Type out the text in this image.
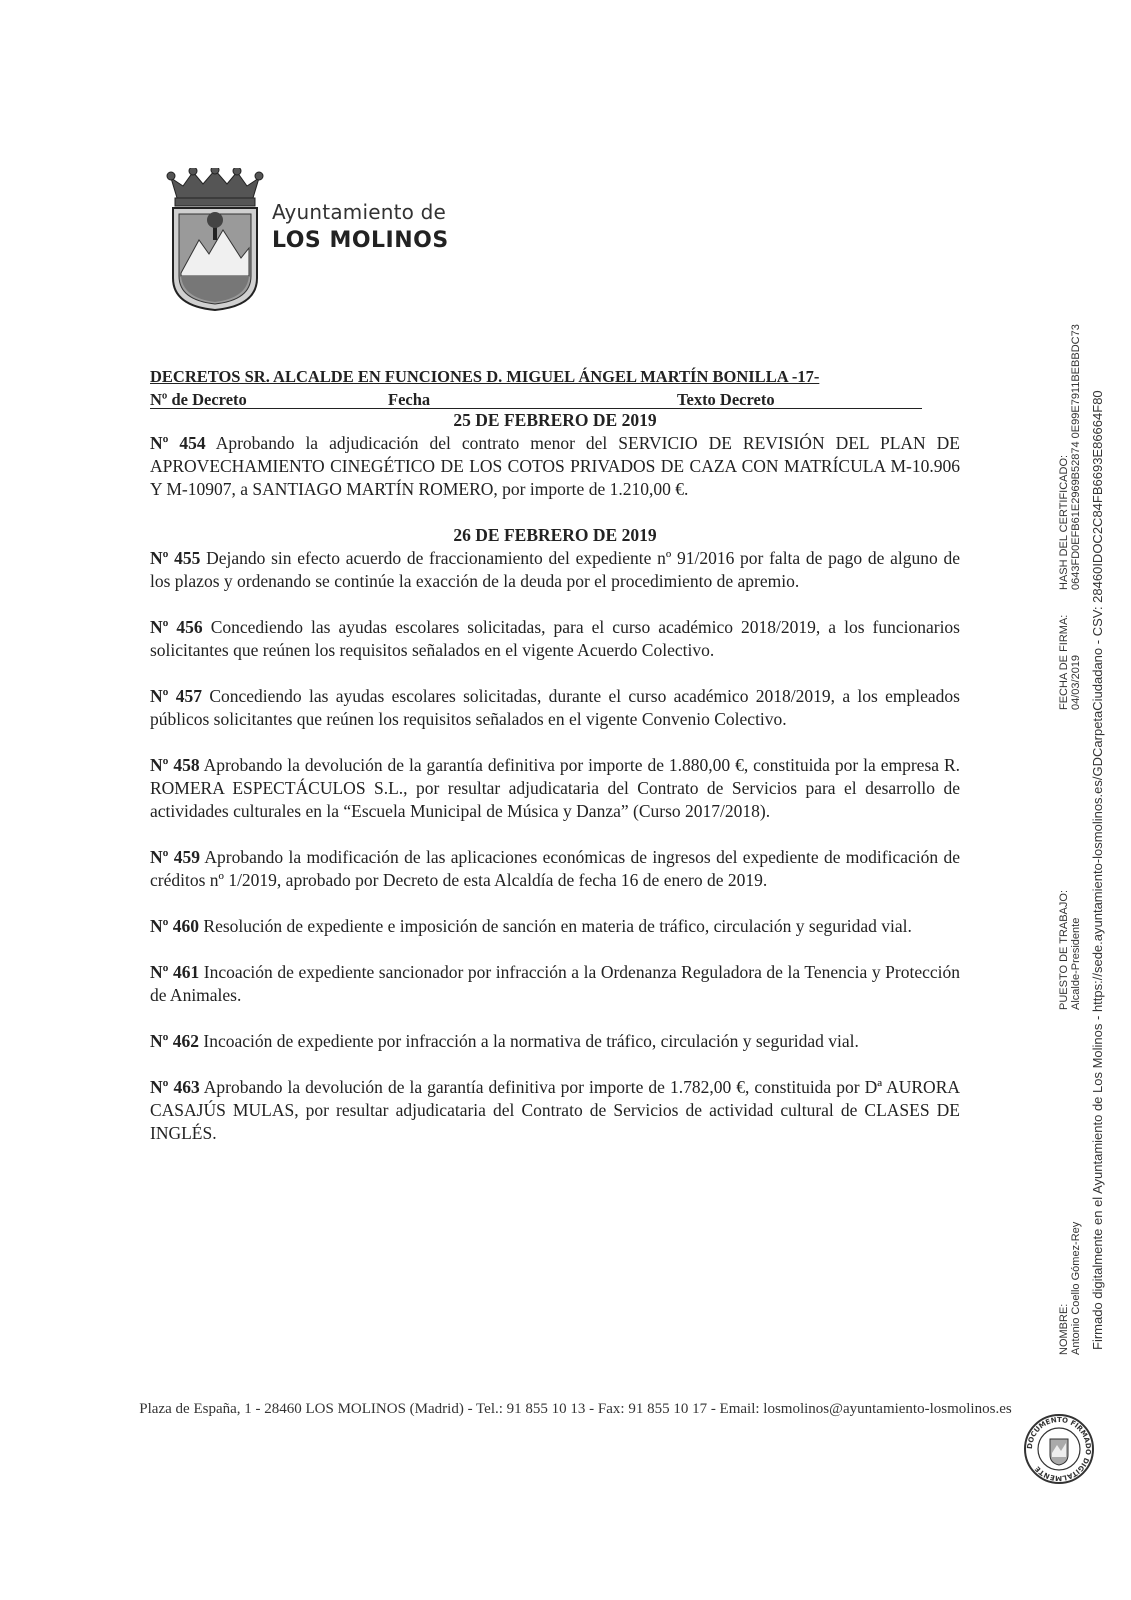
Ayuntamiento de
LOS MOLINOS
DECRETOS SR. ALCALDE EN FUNCIONES D. MIGUEL ÁNGEL MARTÍN BONILLA -17-
Nº de Decreto	Fecha	Texto Decreto

25 DE FEBRERO DE 2019

Nº 454 Aprobando la adjudicación del contrato menor del SERVICIO DE REVISIÓN DEL PLAN DE APROVECHAMIENTO CINEGÉTICO DE LOS COTOS PRIVADOS DE CAZA CON MATRÍCULA M-10.906 Y M-10907, a SANTIAGO MARTÍN ROMERO, por importe de 1.210,00 €.

26 DE FEBRERO DE 2019

Nº 455 Dejando sin efecto acuerdo de fraccionamiento del expediente nº 91/2016 por falta de pago de alguno de los plazos y ordenando se continúe la exacción de la deuda por el procedimiento de apremio.

Nº 456 Concediendo las ayudas escolares solicitadas, para el curso académico 2018/2019, a los funcionarios solicitantes que reúnen los requisitos señalados en el vigente Acuerdo Colectivo.

Nº 457 Concediendo las ayudas escolares solicitadas, durante el curso académico 2018/2019, a los empleados públicos solicitantes que reúnen los requisitos señalados en el vigente Convenio Colectivo.

Nº 458 Aprobando la devolución de la garantía definitiva por importe de 1.880,00 €, constituida por la empresa R. ROMERA ESPECTÁCULOS S.L., por resultar adjudicataria del Contrato de Servicios para el desarrollo de actividades culturales en la “Escuela Municipal de Música y Danza” (Curso 2017/2018).

Nº 459 Aprobando la modificación de las aplicaciones económicas de ingresos del expediente de modificación de créditos nº 1/2019, aprobado por Decreto de esta Alcaldía de fecha 16 de enero de 2019.

Nº 460 Resolución de expediente e imposición de sanción en materia de tráfico, circulación y seguridad vial.

Nº 461 Incoación de expediente sancionador por infracción a la Ordenanza Reguladora de la Tenencia y Protección de Animales.

Nº 462 Incoación de expediente por infracción a la normativa de tráfico, circulación y seguridad vial.

Nº 463 Aprobando la devolución de la garantía definitiva por importe de 1.782,00 €, constituida por Dª AURORA CASAJÚS MULAS, por resultar adjudicataria del Contrato de Servicios de actividad cultural de CLASES DE INGLÉS.

Plaza de España, 1 - 28460 LOS MOLINOS (Madrid) - Tel.: 91 855 10 13 - Fax: 91 855 10 17 - Email: losmolinos@ayuntamiento-losmolinos.es
NOMBRE: Antonio Coello Gómez-Rey
PUESTO DE TRABAJO: Alcalde-Presidente
FECHA DE FIRMA: 04/03/2019
HASH DEL CERTIFICADO: 0643FD0EFB61E2969B52874 0E99E7911BEBBDC73 Firmado digitalmente en el Ayuntamiento de Los Molinos - https://sede.ayuntamiento-losmolinos.es/GDCarpetaCiudadano - CSV: 28460IDOC2C84FB6693E86664F80
DOCUMENTO FIRMADO DIGITALMENTE
